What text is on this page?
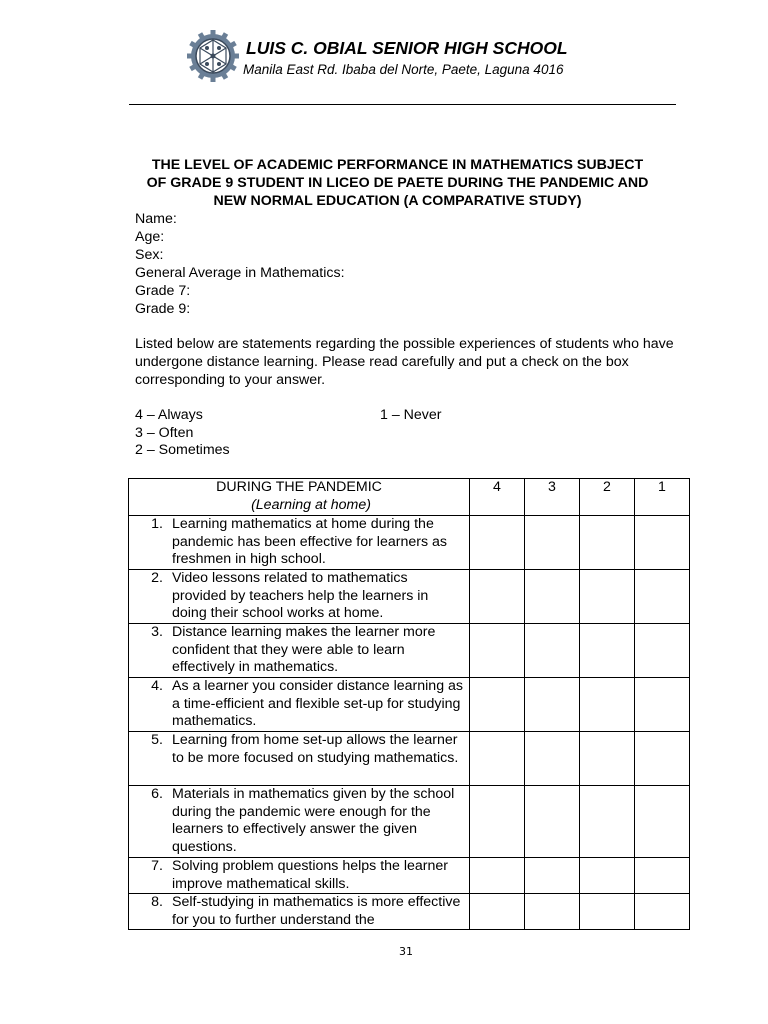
LUIS C. OBIAL SENIOR HIGH SCHOOL
Manila East Rd. Ibaba del Norte, Paete, Laguna 4016
THE LEVEL OF ACADEMIC PERFORMANCE IN MATHEMATICS SUBJECT
OF GRADE 9 STUDENT IN LICEO DE PAETE DURING THE PANDEMIC AND
NEW NORMAL EDUCATION (A COMPARATIVE STUDY)
Name:
Age:
Sex:
General Average in Mathematics:
Grade 7:
Grade 9:
Listed below are statements regarding the possible experiences of students who have undergone distance learning. Please read carefully and put a check on the box corresponding to your answer.
4 – Always
3 – Often
2 – Sometimes
1 – Never
DURING THE PANDEMIC
(Learning at home)	4	3	2	1

1. Learning mathematics at home during the pandemic has been effective for learners as freshmen in high school.				

2. Video lessons related to mathematics provided by teachers help the learners in doing their school works at home.				

3. Distance learning makes the learner more confident that they were able to learn effectively in mathematics.				

4. As a learner you consider distance learning as a time-efficient and flexible set-up for studying mathematics.				

5. Learning from home set-up allows the learner to be more focused on studying mathematics.				

6. Materials in mathematics given by the school during the pandemic were enough for the learners to effectively answer the given questions.				

7. Solving problem questions helps the learner improve mathematical skills.				

8. Self-studying in mathematics is more effective for you to further understand the				

31
